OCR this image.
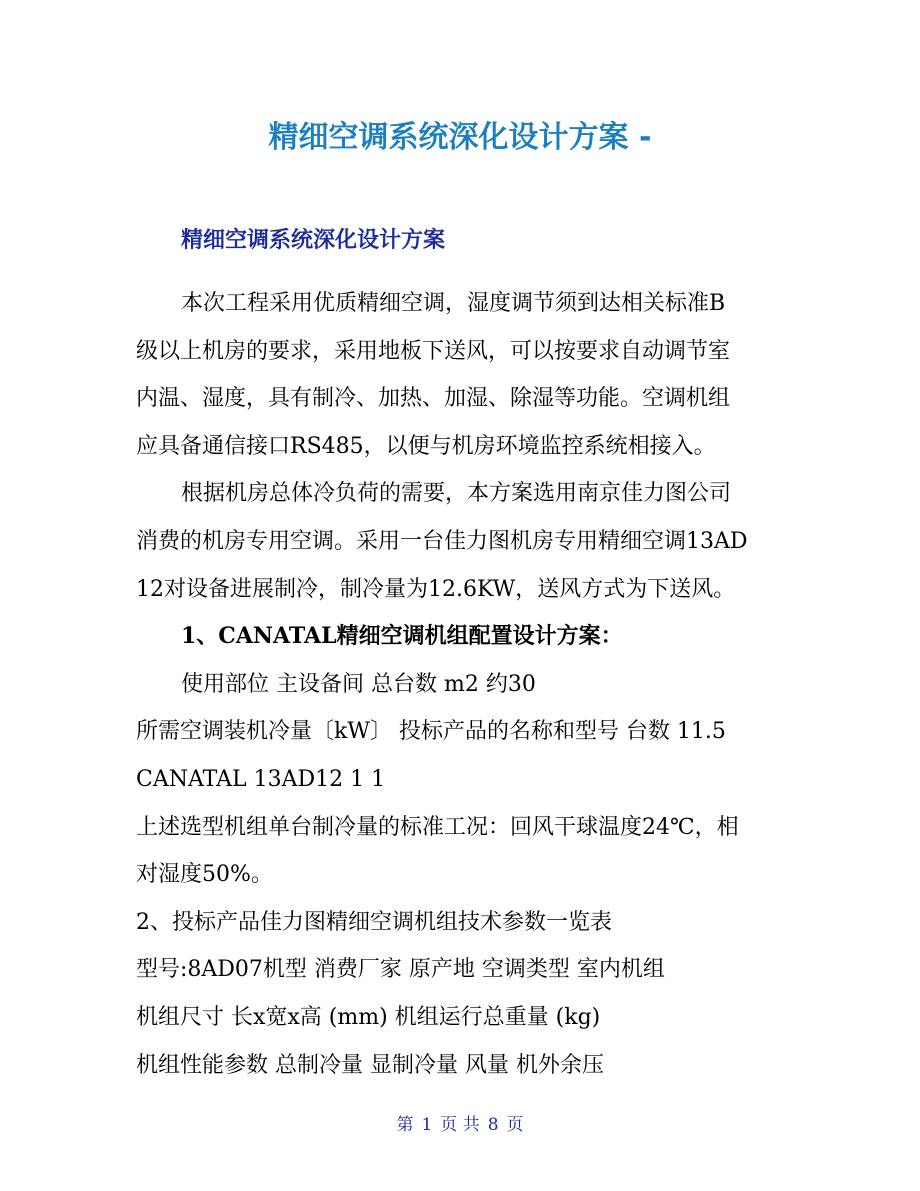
精细空调系统深化设计方案 -
精细空调系统深化设计方案

本次工程采用优质精细空调，湿度调节须到达相关标准B

级以上机房的要求，采用地板下送风，可以按要求自动调节室

内温、湿度，具有制冷、加热、加湿、除湿等功能。空调机组

应具备通信接口RS485，以便与机房环境监控系统相接入。

根据机房总体冷负荷的需要，本方案选用南京佳力图公司

消费的机房专用空调。采用一台佳力图机房专用精细空调13AD

12对设备进展制冷，制冷量为12.6KW，送风方式为下送风。

1、CANATAL精细空调机组配置设计方案：

使用部位 主设备间 总台数 m2 约30

所需空调装机冷量〔kW〕 投标产品的名称和型号 台数 11.5

CANATAL 13AD12 1 1

上述选型机组单台制冷量的标准工况：回风干球温度24℃，相

对湿度50%。

2、投标产品佳力图精细空调机组技术参数一览表

型号:8AD07机型 消费厂家 原产地 空调类型 室内机组

机组尺寸 长x宽x高 (mm) 机组运行总重量 (kg)

机组性能参数 总制冷量 显制冷量 风量 机外余压

第 1 页 共 8 页
